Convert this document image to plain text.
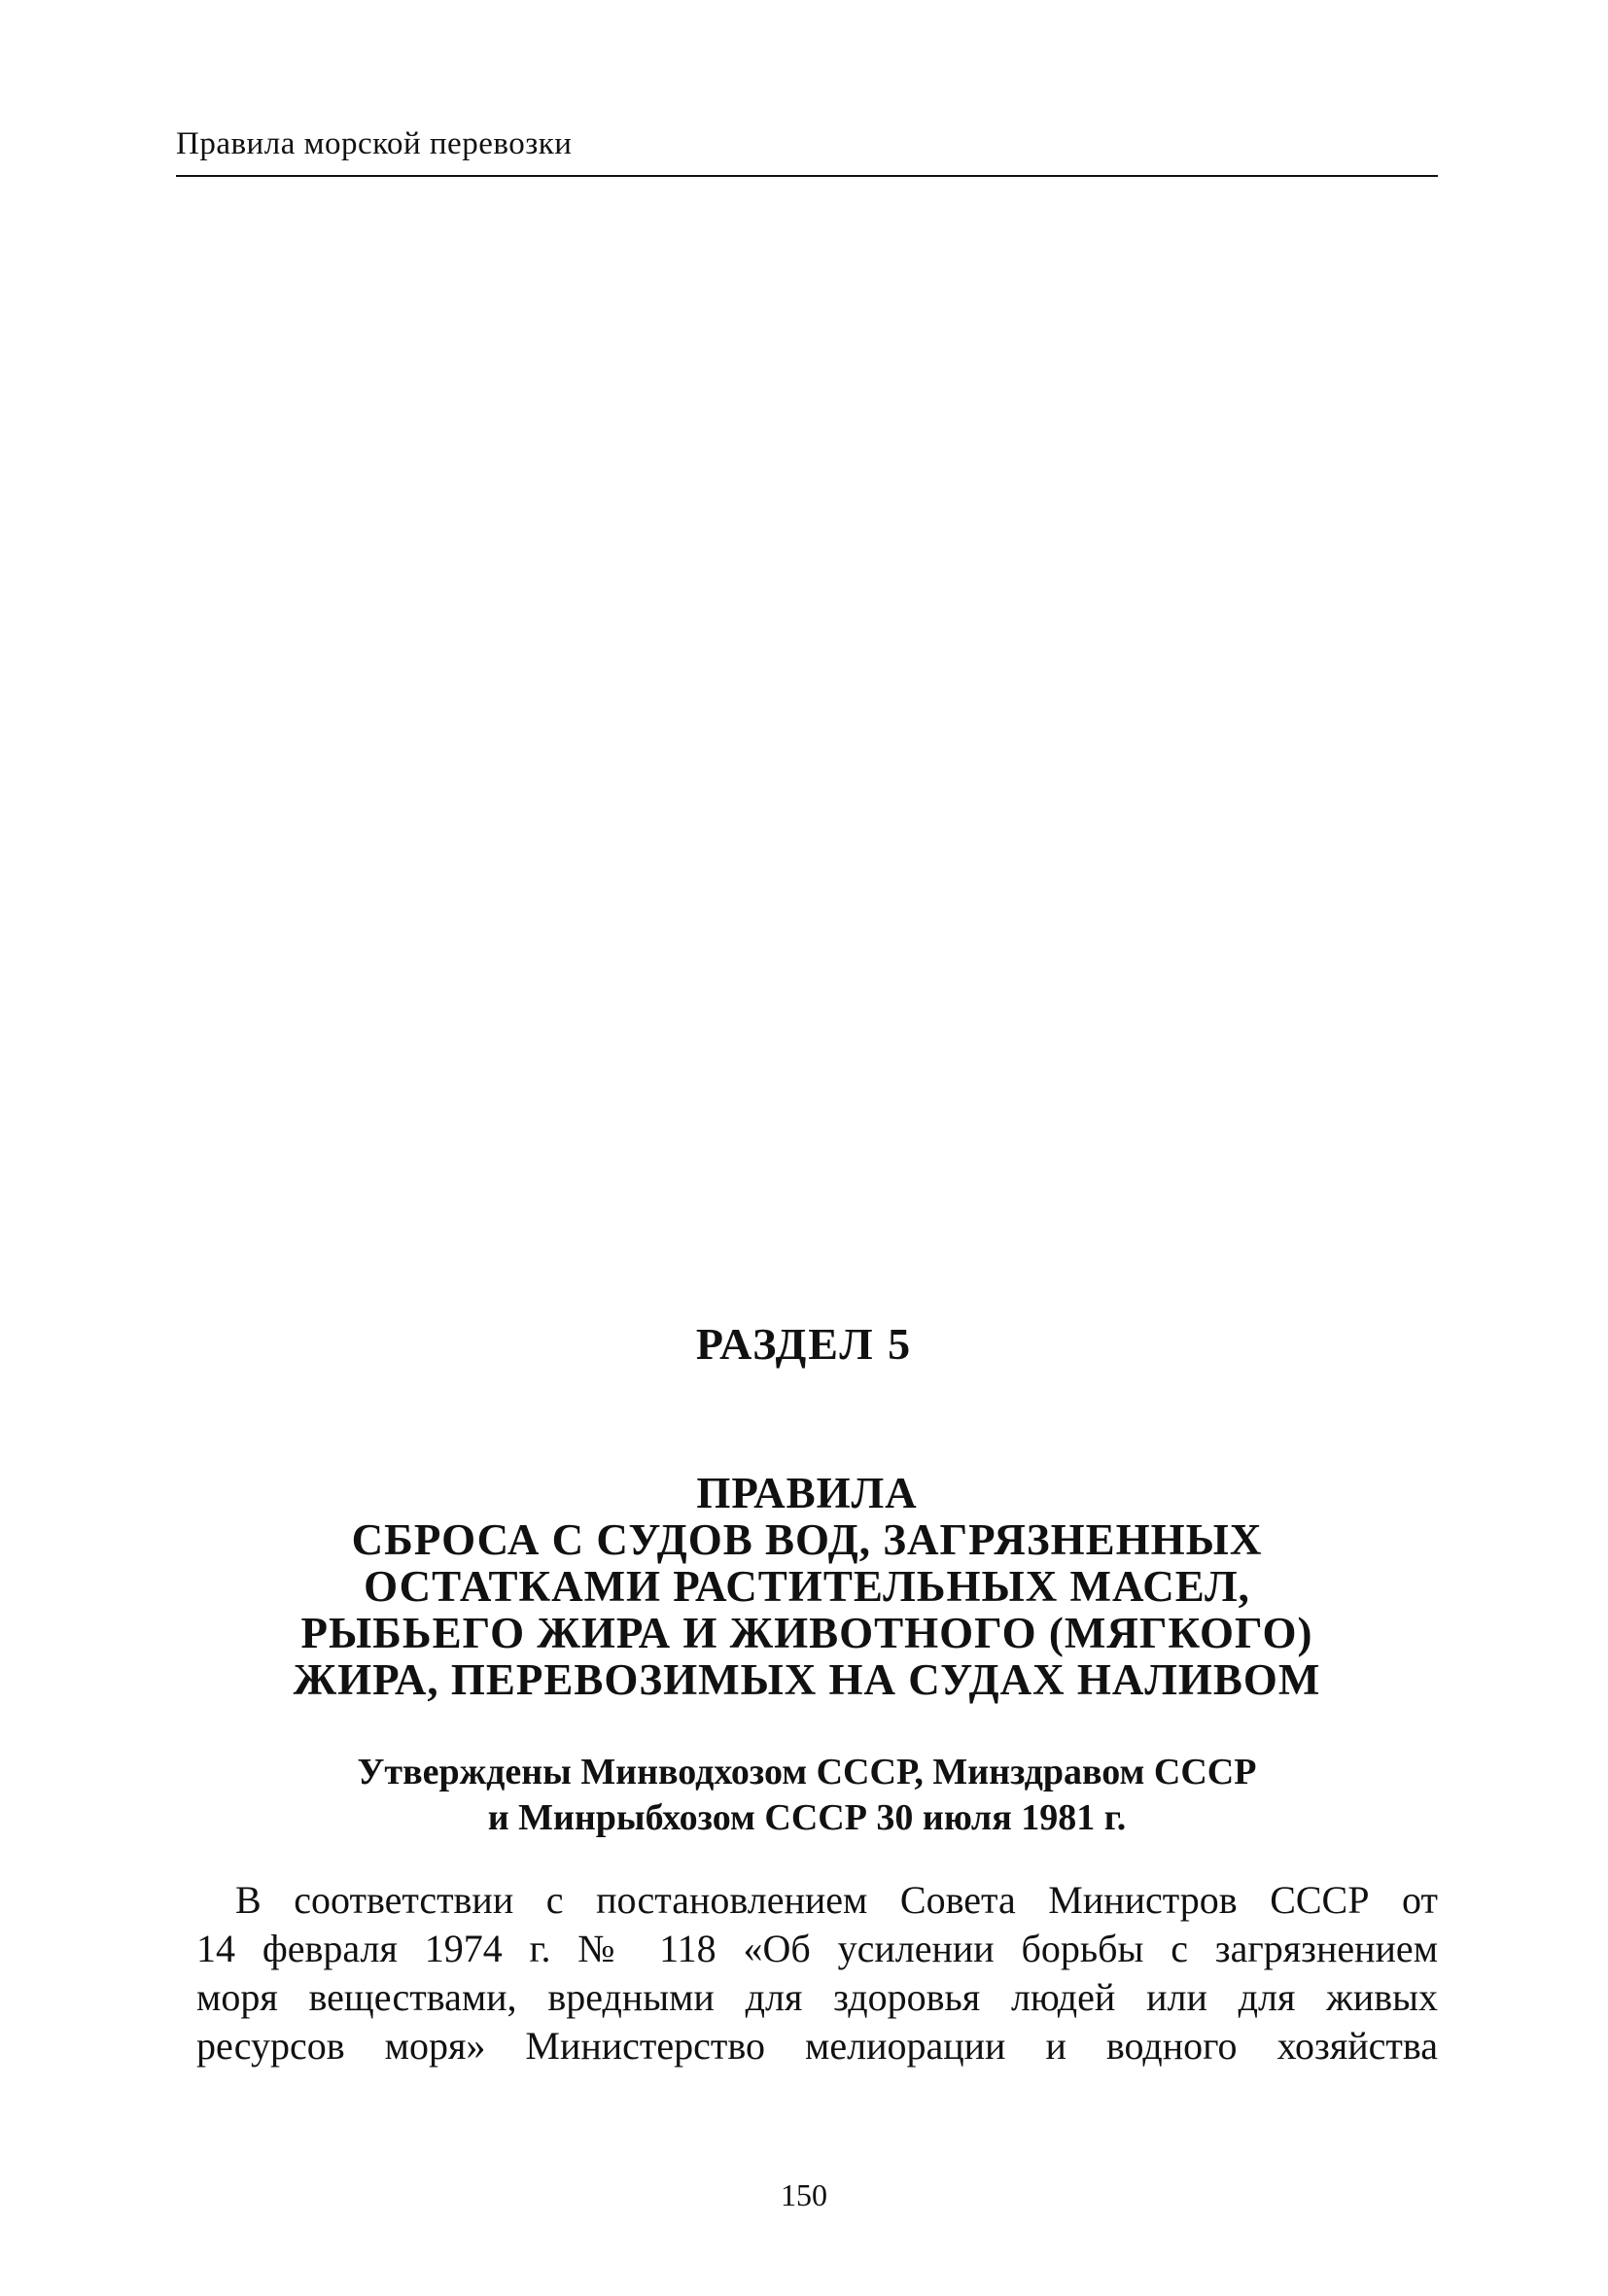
Правила морской перевозки
РАЗДЕЛ 5
ПРАВИЛА
СБРОСА С СУДОВ ВОД, ЗАГРЯЗНЕННЫХ
ОСТАТКАМИ РАСТИТЕЛЬНЫХ МАСЕЛ,
РЫБЬЕГО ЖИРА И ЖИВОТНОГО (МЯГКОГО)
ЖИРА, ПЕРЕВОЗИМЫХ НА СУДАХ НАЛИВОМ
Утверждены Минводхозом СССР, Минздравом СССР
и Минрыбхозом СССР 30 июля 1981 г.
В соответствии с постановлением Совета Министров СССР от
14 февраля 1974 г. № 118 «Об усилении борьбы с загрязнением
моря веществами, вредными для здоровья людей или для живых
ресурсов моря» Министерство мелиорации и водного хозяйства
150
